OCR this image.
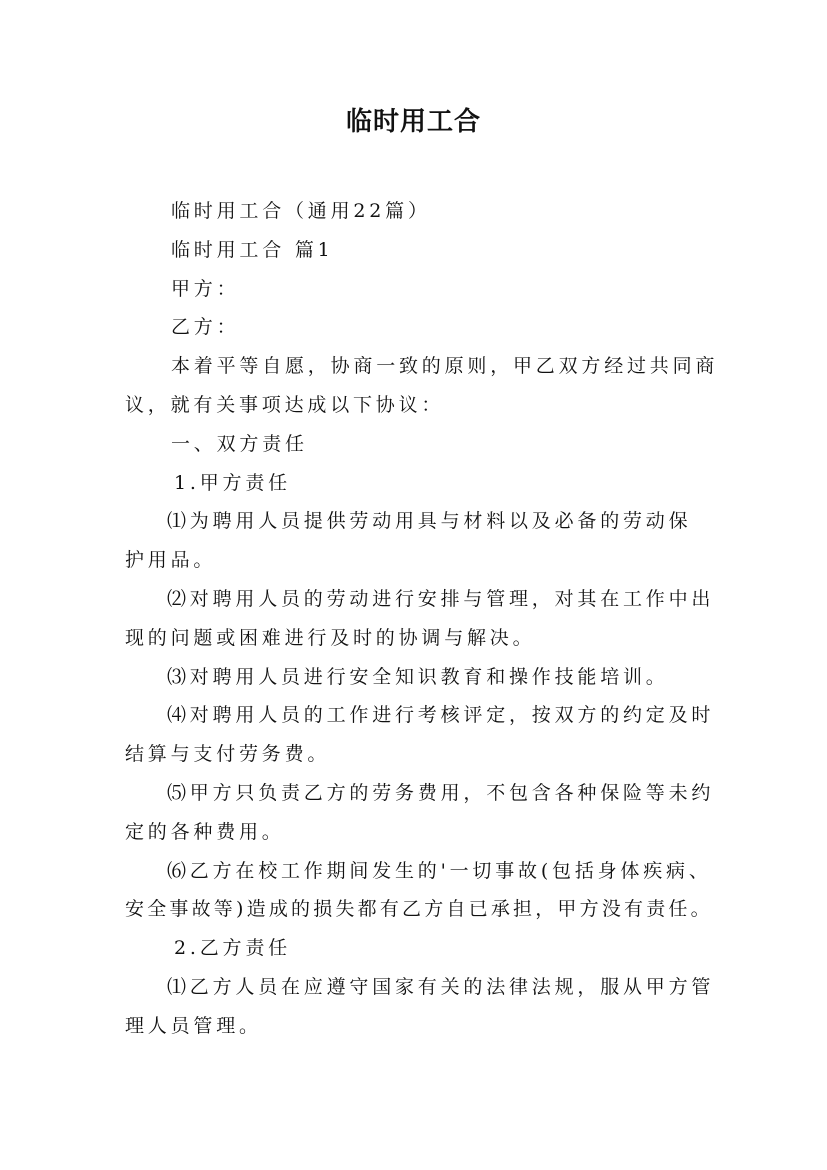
临时用工合

临时用工合（通用22篇）

临时用工合 篇1

甲方：

乙方：

本着平等自愿，协商一致的原则，甲乙双方经过共同商

议，就有关事项达成以下协议：

一、双方责任

1.甲方责任

⑴为聘用人员提供劳动用具与材料以及必备的劳动保

护用品。

⑵对聘用人员的劳动进行安排与管理，对其在工作中出

现的问题或困难进行及时的协调与解决。

⑶对聘用人员进行安全知识教育和操作技能培训。

⑷对聘用人员的工作进行考核评定，按双方的约定及时

结算与支付劳务费。

⑸甲方只负责乙方的劳务费用，不包含各种保险等未约

定的各种费用。

⑹乙方在校工作期间发生的'一切事故(包括身体疾病、

安全事故等)造成的损失都有乙方自已承担，甲方没有责任。

2.乙方责任

⑴乙方人员在应遵守国家有关的法律法规，服从甲方管

理人员管理。
